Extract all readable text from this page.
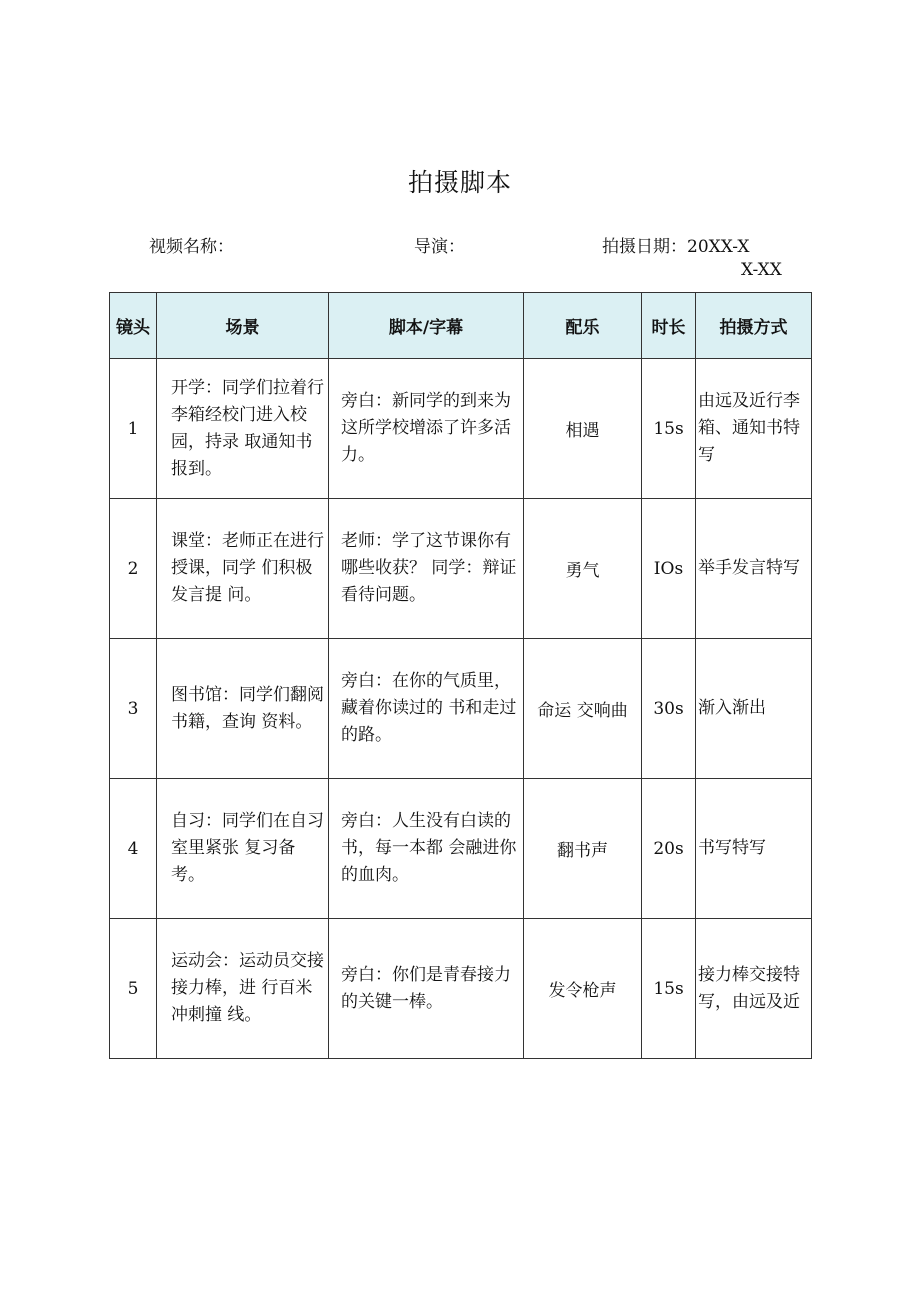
拍摄脚本
视频名称：	导演：	拍摄日期：20XX-X
X-XX
镜头	场景	脚本/字幕	配乐	时长	拍摄方式
1	开学：同学们拉着行李箱经校门进入校园，持录 取通知书报到。	旁白：新同学的到来为这所学校增添了许多活力。	相遇	15s	由远及近行李箱、通知书特写
2	课堂：老师正在进行授课，同学 们积极发言提 问。	老师：学了这节课你有哪些收获？ 同学：辩证看待问题。	勇气	IOs	举手发言特写
3	图书馆：同学们翻阅书籍，查询 资料。	旁白：在你的气质里，藏着你读过的 书和走过的路。	命运 交响曲	30s	渐入渐出
4	自习：同学们在自习室里紧张 复习备考。	旁白：人生没有白读的书，每一本都 会融进你的血肉。	翻书声	20s	书写特写
5	运动会：运动员交接接力棒，进 行百米冲刺撞 线。	旁白：你们是青春接力的关键一棒。	发令枪声	15s	接力棒交接特写，由远及近
